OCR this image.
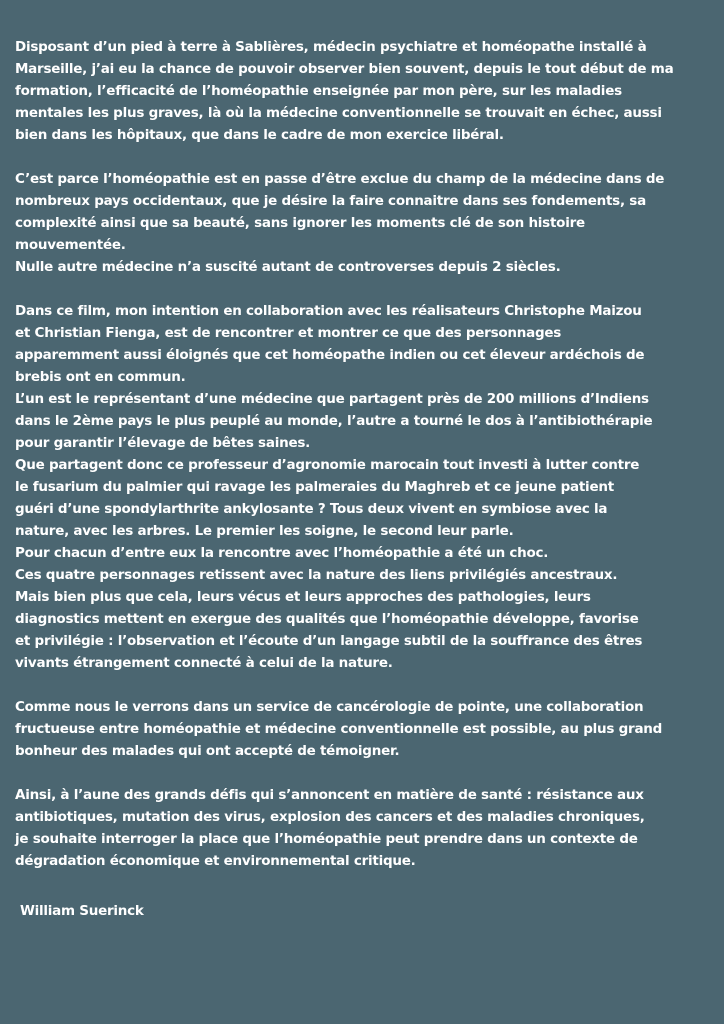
Disposant d’un pied à terre à Sablières, médecin psychiatre et homéopathe installé à
Marseille, j’ai eu la chance de pouvoir observer bien souvent, depuis le tout début de ma
formation, l’efficacité de l’homéopathie enseignée par mon père, sur les maladies
mentales les plus graves, là où la médecine conventionnelle se trouvait en échec, aussi
bien dans les hôpitaux, que dans le cadre de mon exercice libéral.
C’est parce l’homéopathie est en passe d’être exclue du champ de la médecine dans de
nombreux pays occidentaux, que je désire la faire connaitre dans ses fondements, sa
complexité ainsi que sa beauté, sans ignorer les moments clé de son histoire
mouvementée.
Nulle autre médecine n’a suscité autant de controverses depuis 2 siècles.
Dans ce film, mon intention en collaboration avec les réalisateurs Christophe Maizou
et Christian Fienga, est de rencontrer et montrer ce que des personnages
apparemment aussi éloignés que cet homéopathe indien ou cet éleveur ardéchois de
brebis ont en commun.
L’un est le représentant d’une médecine que partagent près de 200 millions d’Indiens
dans le 2ème pays le plus peuplé au monde, l’autre a tourné le dos à l’antibiothérapie
pour garantir l’élevage de bêtes saines.
Que partagent donc ce professeur d’agronomie marocain tout investi à lutter contre
le fusarium du palmier qui ravage les palmeraies du Maghreb et ce jeune patient
guéri d’une spondylarthrite ankylosante ? Tous deux vivent en symbiose avec la
nature, avec les arbres. Le premier les soigne, le second leur parle.
Pour chacun d’entre eux la rencontre avec l’homéopathie a été un choc.
Ces quatre personnages retissent avec la nature des liens privilégiés ancestraux.
Mais bien plus que cela, leurs vécus et leurs approches des pathologies, leurs
diagnostics mettent en exergue des qualités que l’homéopathie développe, favorise
et privilégie : l’observation et l’écoute d’un langage subtil de la souffrance des êtres
vivants étrangement connecté à celui de la nature.
Comme nous le verrons dans un service de cancérologie de pointe, une collaboration
fructueuse entre homéopathie et médecine conventionnelle est possible, au plus grand
bonheur des malades qui ont accepté de témoigner.
Ainsi, à l’aune des grands défis qui s’annoncent en matière de santé : résistance aux
antibiotiques, mutation des virus, explosion des cancers et des maladies chroniques,
je souhaite interroger la place que l’homéopathie peut prendre dans un contexte de
dégradation économique et environnemental critique.
William Suerinck
